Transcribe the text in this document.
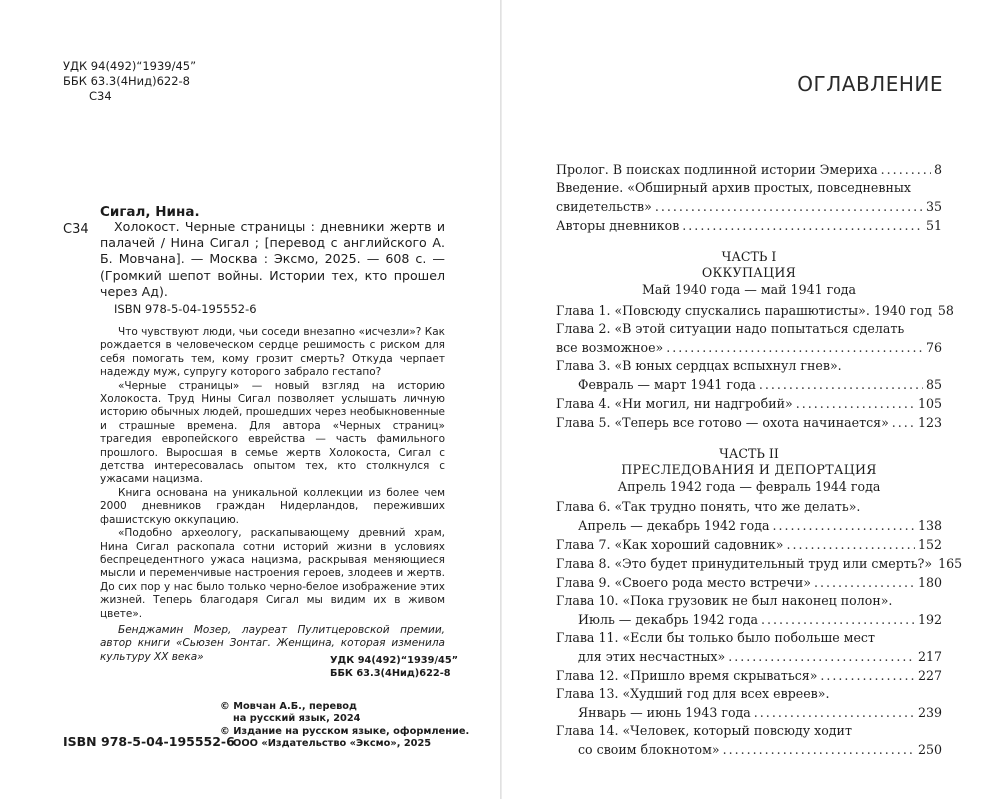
УДК 94(492)“1939/45”
ББК 63.3(4Нид)622-8
С34
С34
Сигал, Нина.

Холокост. Черные страницы : дневники жертв и палачей / Нина Сигал ; [перевод с английского А. Б. Мовчана]. — Москва : Эксмо, 2025. — 608 с. — (Громкий шепот войны. Истории тех, кто прошел через Ад).

ISBN 978-5-04-195552-6

Что чувствуют люди, чьи соседи внезапно «исчезли»? Как рождается в человеческом сердце решимость с риском для себя помогать тем, кому грозит смерть? Откуда черпает надежду муж, супругу которого забрало гестапо?

«Черные страницы» — новый взгляд на историю Холокоста. Труд Нины Сигал позволяет услышать личную историю обычных людей, прошедших через необыкновенные и страшные времена. Для автора «Черных страниц» трагедия европейского еврейства — часть фамильного прошлого. Выросшая в семье жертв Холокоста, Сигал с детства интересовалась опытом тех, кто столкнулся с ужасами нацизма.

Книга основана на уникальной коллекции из более чем 2000 дневников граждан Нидерландов, переживших фашистскую оккупацию.

«Подобно археологу, раскапывающему древний храм, Нина Сигал раскопала сотни историй жизни в условиях беспрецедентного ужаса нацизма, раскрывая меняющиеся мысли и переменчивые настроения героев, злодеев и жертв. До сих пор у нас было только черно-белое изображение этих жизней. Теперь благодаря Сигал мы видим их в живом цвете».

Бенджамин Мозер, лауреат Пулитцеровской премии, автор книги «Сьюзен Зонтаг. Женщина, которая изменила культуру XX века»	УДК 94(492)“1939/45”
ББК 63.3(4Нид)622-8
© Мовчан А.Б., перевод
на русский язык, 2024
© Издание на русском языке, оформление.
ООО «Издательство «Эксмо», 2025
ISBN 978-5-04-195552-6
ОГЛАВЛЕНИЕ
Пролог. В поисках подлинной истории Эмериха . . .	8
Введение. «Обширный архив простых, повседневных
свидетельств» . . .	35
Авторы дневников . . .	51
ЧАСТЬ I
ОККУПАЦИЯ
Май 1940 года — май 1941 года
Глава 1. «Повсюду спускались парашютисты». 1940 год 58
Глава 2. «В этой ситуации надо попытаться сделать
все возможное» . . .	76
Глава 3. «В юных сердцах вспыхнул гнев».
Февраль — март 1941 года . . .	85
Глава 4. «Ни могил, ни надгробий» . . .	105
Глава 5. «Теперь все готово — охота начинается» . . . 123
ЧАСТЬ II
ПРЕСЛЕДОВАНИЯ И ДЕПОРТАЦИЯ
Апрель 1942 года — февраль 1944 года
Глава 6. «Так трудно понять, что же делать».
Апрель — декабрь 1942 года . . .	138
Глава 7. «Как хороший садовник» . . .	152
Глава 8. «Это будет принудительный труд или смерть?» 165
Глава 9. «Своего рода место встречи» . . .	180
Глава 10. «Пока грузовик не был наконец полон».
Июль — декабрь 1942 года . . .	192
Глава 11. «Если бы только было побольше мест
для этих несчастных» . . .	217
Глава 12. «Пришло время скрываться» . . .	227
Глава 13. «Худший год для всех евреев».
Январь — июнь 1943 года . . .	239
Глава 14. «Человек, который повсюду ходит
со своим блокнотом» . . .	250
